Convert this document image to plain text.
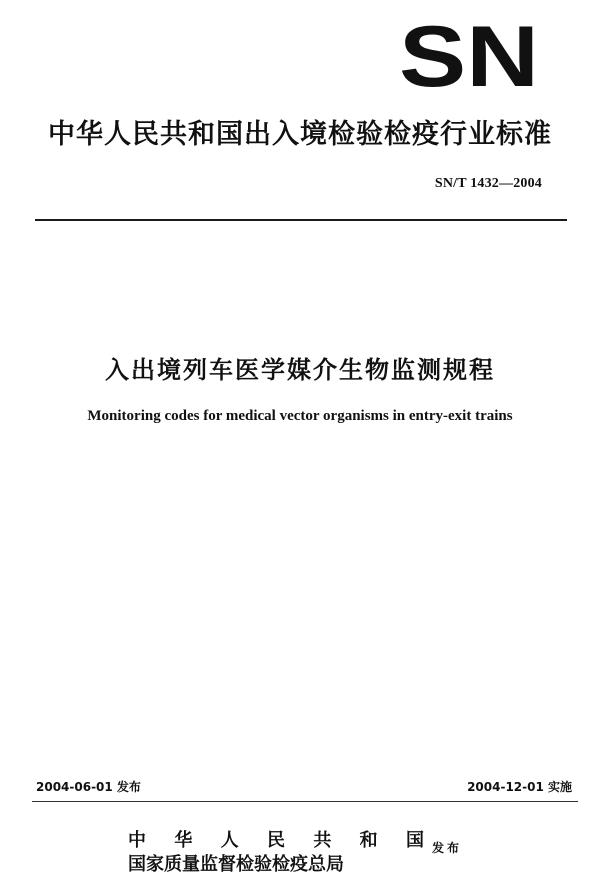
SN
中华人民共和国出入境检验检疫行业标准
SN/T 1432—2004
入出境列车医学媒介生物监测规程
Monitoring codes for medical vector organisms in entry-exit trains
2004-06-01 发布	2004-12-01 实施
中华人民共和国
国家质量监督检验检疫总局
发布
